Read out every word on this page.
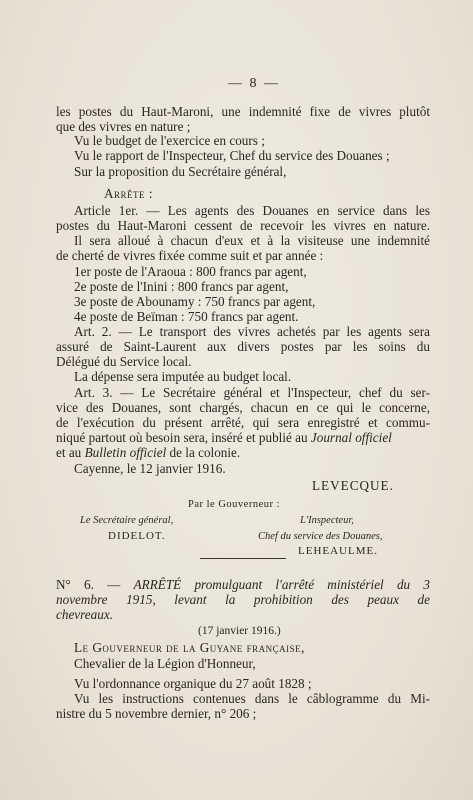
— 8 —
les postes du Haut-Maroni, une indemnité fixe de vivres plutôt
que des vivres en nature ;
Vu le budget de l'exercice en cours ;
Vu le rapport de l'Inspecteur, Chef du service des Douanes ;
Sur la proposition du Secrétaire général,
Arrête :
Article 1er. — Les agents des Douanes en service dans les
postes du Haut-Maroni cessent de recevoir les vivres en nature.
Il sera alloué à chacun d'eux et à la visiteuse une indemnité
de cherté de vivres fixée comme suit et par année :
1er poste de l'Araoua : 800 francs par agent,
2e poste de l'Inini : 800 francs par agent,
3e poste de Abounamy : 750 francs par agent,
4e poste de Beïman : 750 francs par agent.
Art. 2. — Le transport des vivres achetés par les agents sera
assuré de Saint-Laurent aux divers postes par les soins du
Délégué du Service local.
La dépense sera imputée au budget local.
Art. 3. — Le Secrétaire général et l'Inspecteur, chef du ser-
vice des Douanes, sont chargés, chacun en ce qui le concerne,
de l'exécution du présent arrêté, qui sera enregistré et commu-
niqué partout où besoin sera, inséré et publié au Journal officiel
et au Bulletin officiel de la colonie.
Cayenne, le 12 janvier 1916.
LEVECQUE.
Par le Gouverneur :
Le Secrétaire général,
DIDELOT.
L'Inspecteur,
Chef du service des Douanes,
LEHEAULME.
N° 6. — ARRÊTÉ promulguant l'arrêté ministériel du 3
novembre 1915, levant la prohibition des peaux de
chevreaux.
(17 janvier 1916.)
Le Gouverneur de la Guyane française,
Chevalier de la Légion d'Honneur,
Vu l'ordonnance organique du 27 août 1828 ;
Vu les instructions contenues dans le câblogramme du Mi-
nistre du 5 novembre dernier, n° 206 ;
